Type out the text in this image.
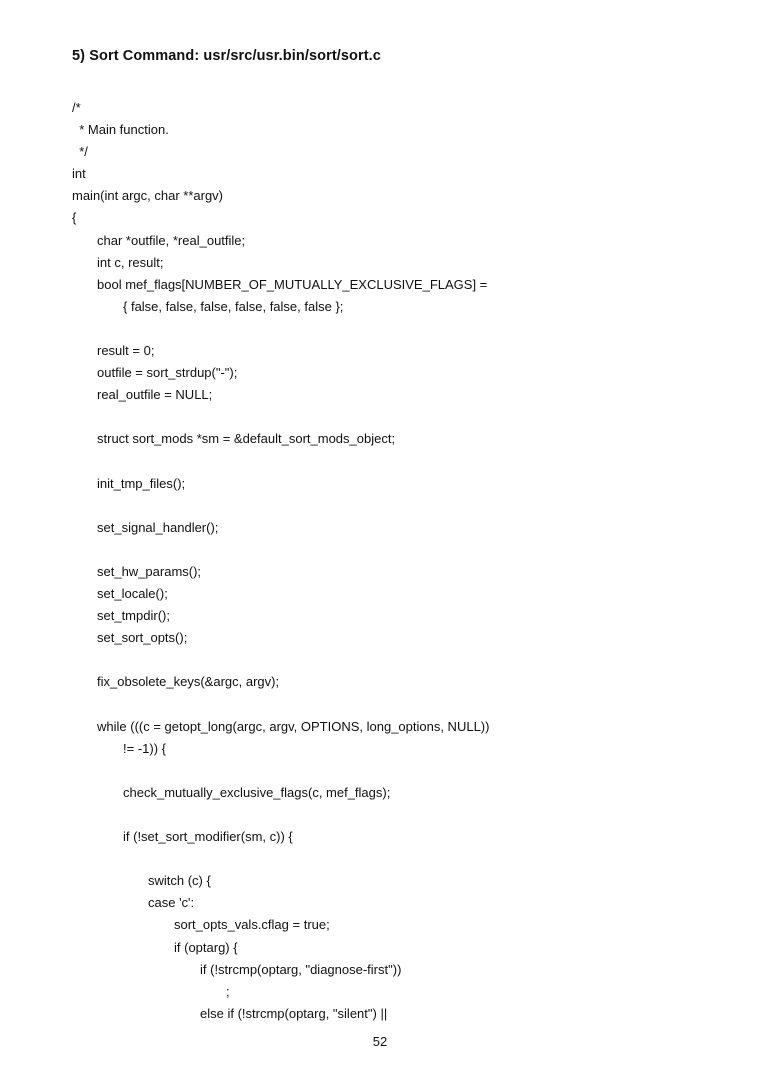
5) Sort Command: usr/src/usr.bin/sort/sort.c
/*
* Main function.
*/
int
main(int argc, char **argv)
{
char *outfile, *real_outfile;
int c, result;
bool mef_flags[NUMBER_OF_MUTUALLY_EXCLUSIVE_FLAGS] =
{ false, false, false, false, false, false };
result = 0;
outfile = sort_strdup("-");
real_outfile = NULL;
struct sort_mods *sm = &default_sort_mods_object;
init_tmp_files();
set_signal_handler();
set_hw_params();
set_locale();
set_tmpdir();
set_sort_opts();
fix_obsolete_keys(&argc, argv);
while (((c = getopt_long(argc, argv, OPTIONS, long_options, NULL))
!= -1)) {
check_mutually_exclusive_flags(c, mef_flags);
if (!set_sort_modifier(sm, c)) {
switch (c) {
case 'c':
sort_opts_vals.cflag = true;
if (optarg) {
if (!strcmp(optarg, "diagnose-first"))
;
else if (!strcmp(optarg, "silent") ||
52
